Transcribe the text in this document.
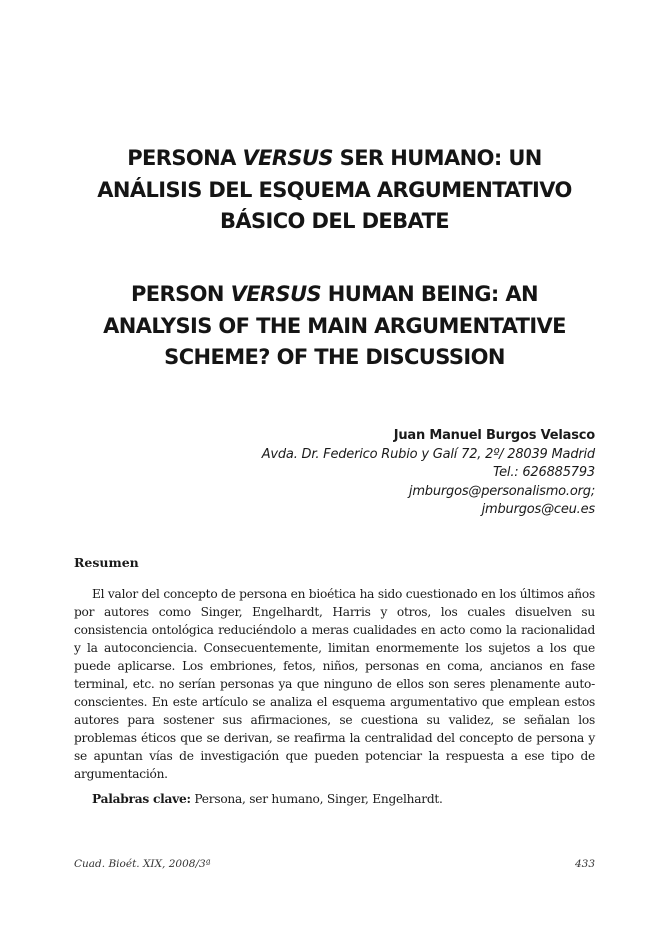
PERSONA VERSUS SER HUMANO: UN
ANÁLISIS DEL ESQUEMA ARGUMENTATIVO
BÁSICO DEL DEBATE
PERSON VERSUS HUMAN BEING: AN
ANALYSIS OF THE MAIN ARGUMENTATIVE
SCHEME? OF THE DISCUSSION
Juan Manuel Burgos Velasco
Avda. Dr. Federico Rubio y Galí 72, 2º/ 28039 Madrid
Tel.: 626885793
jmburgos@personalismo.org;
jmburgos@ceu.es
Resumen

El valor del concepto de persona en bioética ha sido cuestionado en los últimos años por autores como Singer, Engelhardt, Harris y otros, los cuales disuelven su consistencia ontológica reduciéndolo a meras cualidades en acto como la racionalidad y la autoconciencia. Consecuentemente, limitan enormemente los sujetos a los que puede aplicarse. Los embriones, fetos, niños, personas en coma, ancianos en fase terminal, etc. no serían personas ya que ninguno de ellos son seres plenamente auto-conscientes. En este artículo se analiza el esquema argumentativo que emplean estos autores para sostener sus afirmaciones, se cuestiona su validez, se señalan los problemas éticos que se derivan, se reafirma la centralidad del concepto de persona y se apuntan vías de investigación que pueden potenciar la respuesta a ese tipo de argumentación.

Palabras clave: Persona, ser humano, Singer, Engelhardt.

Cuad. Bioét. XIX, 2008/3ª	433
